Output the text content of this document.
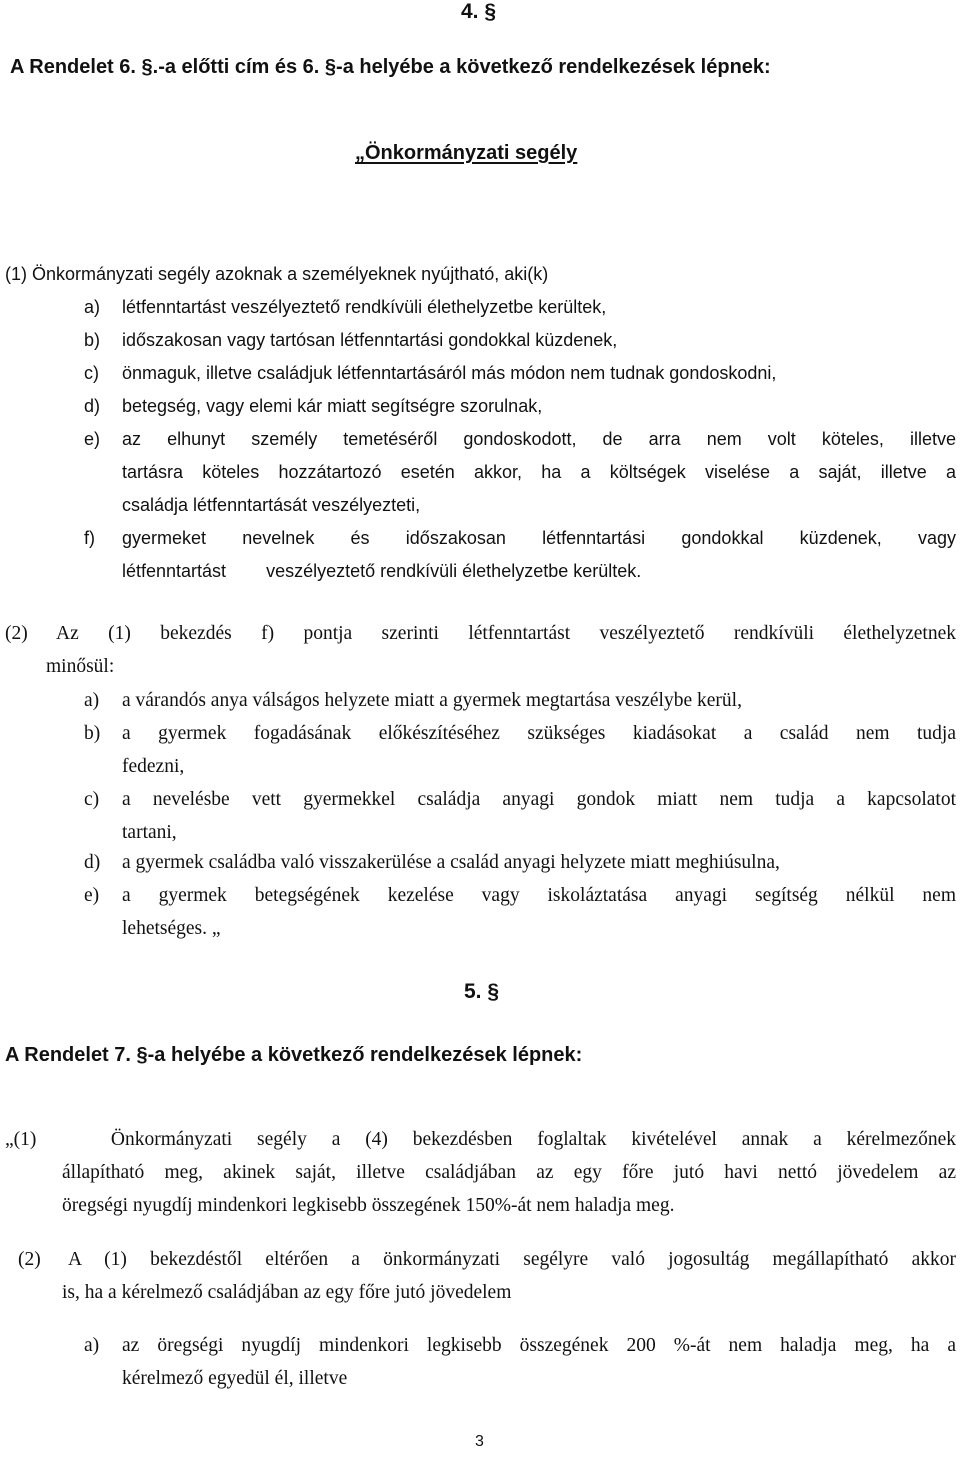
4. §
A Rendelet 6. §.-a előtti cím és 6. §-a helyébe a következő rendelkezések lépnek:
„Önkormányzati segély
(1) Önkormányzati segély azoknak a személyeknek nyújtható, aki(k)
a) létfenntartást veszélyeztető rendkívüli élethelyzetbe kerültek,
b) időszakosan vagy tartósan létfenntartási gondokkal küzdenek,
c) önmaguk, illetve családjuk létfenntartásáról más módon nem tudnak gondoskodni,
d) betegség, vagy elemi kár miatt segítségre szorulnak,
e) az elhunyt személy temetéséről gondoskodott, de arra nem volt köteles, illetve
tartásra köteles hozzátartozó esetén akkor, ha a költségek viselése a saját, illetve a
családja létfenntartását veszélyezteti,
f) gyermeket nevelnek és időszakosan létfenntartási gondokkal küzdenek, vagy
létfenntartást        veszélyeztető rendkívüli élethelyzetbe kerültek.
(2) Az (1) bekezdés f) pontja szerinti létfenntartást veszélyeztető rendkívüli élethelyzetnek
minősül:
a) a várandós anya válságos helyzete miatt a gyermek megtartása veszélybe kerül,
b) a gyermek fogadásának előkészítéséhez szükséges kiadásokat a család nem tudja
fedezni,
c) a nevelésbe vett gyermekkel családja anyagi gondok miatt nem tudja a kapcsolatot
tartani,
d) a gyermek családba való visszakerülése a család anyagi helyzete miatt meghiúsulna,
e) a gyermek betegségének kezelése vagy iskoláztatása anyagi segítség nélkül nem
lehetséges. „
5. §
A Rendelet 7. §-a helyébe a következő rendelkezések lépnek:
„(1)   Önkormányzati segély a (4) bekezdésben foglaltak kivételével annak a kérelmezőnek
állapítható meg, akinek saját, illetve családjában az egy főre jutó havi nettó jövedelem az
öregségi nyugdíj mindenkori legkisebb összegének 150%-át nem haladja meg.
(2) A (1) bekezdéstől eltérően a önkormányzati segélyre való jogosultág megállapítható akkor
is, ha a kérelmező családjában az egy főre jutó jövedelem
a) az öregségi nyugdíj mindenkori legkisebb összegének 200 %-át nem haladja meg, ha a
kérelmező egyedül él, illetve
3
